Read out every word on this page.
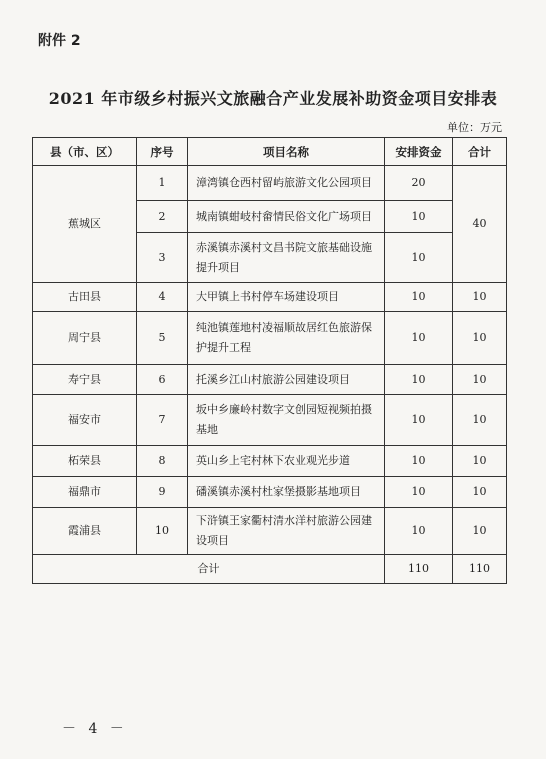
附件 2
2021 年市级乡村振兴文旅融合产业发展补助资金项目安排表
单位：万元
县（市、区）	序号	项目名称	安排资金	合计
蕉城区	1	漳湾镇仓西村留屿旅游文化公园项目	20	40
	2	城南镇蚶岐村畲情民俗文化广场项目	10	
	3	赤溪镇赤溪村文昌书院文旅基础设施提升项目	10	
古田县	4	大甲镇上书村停车场建设项目	10	10
周宁县	5	纯池镇莲地村凌福顺故居红色旅游保护提升工程	10	10
寿宁县	6	托溪乡江山村旅游公园建设项目	10	10
福安市	7	坂中乡廉岭村数字文创园短视频拍摄基地	10	10
柘荣县	8	英山乡上宅村林下农业观光步道	10	10
福鼎市	9	磻溪镇赤溪村杜家堡摄影基地项目	10	10
霞浦县	10	下浒镇王家衢村清水洋村旅游公园建设项目	10	10
合计			110	110
－ 4 －
